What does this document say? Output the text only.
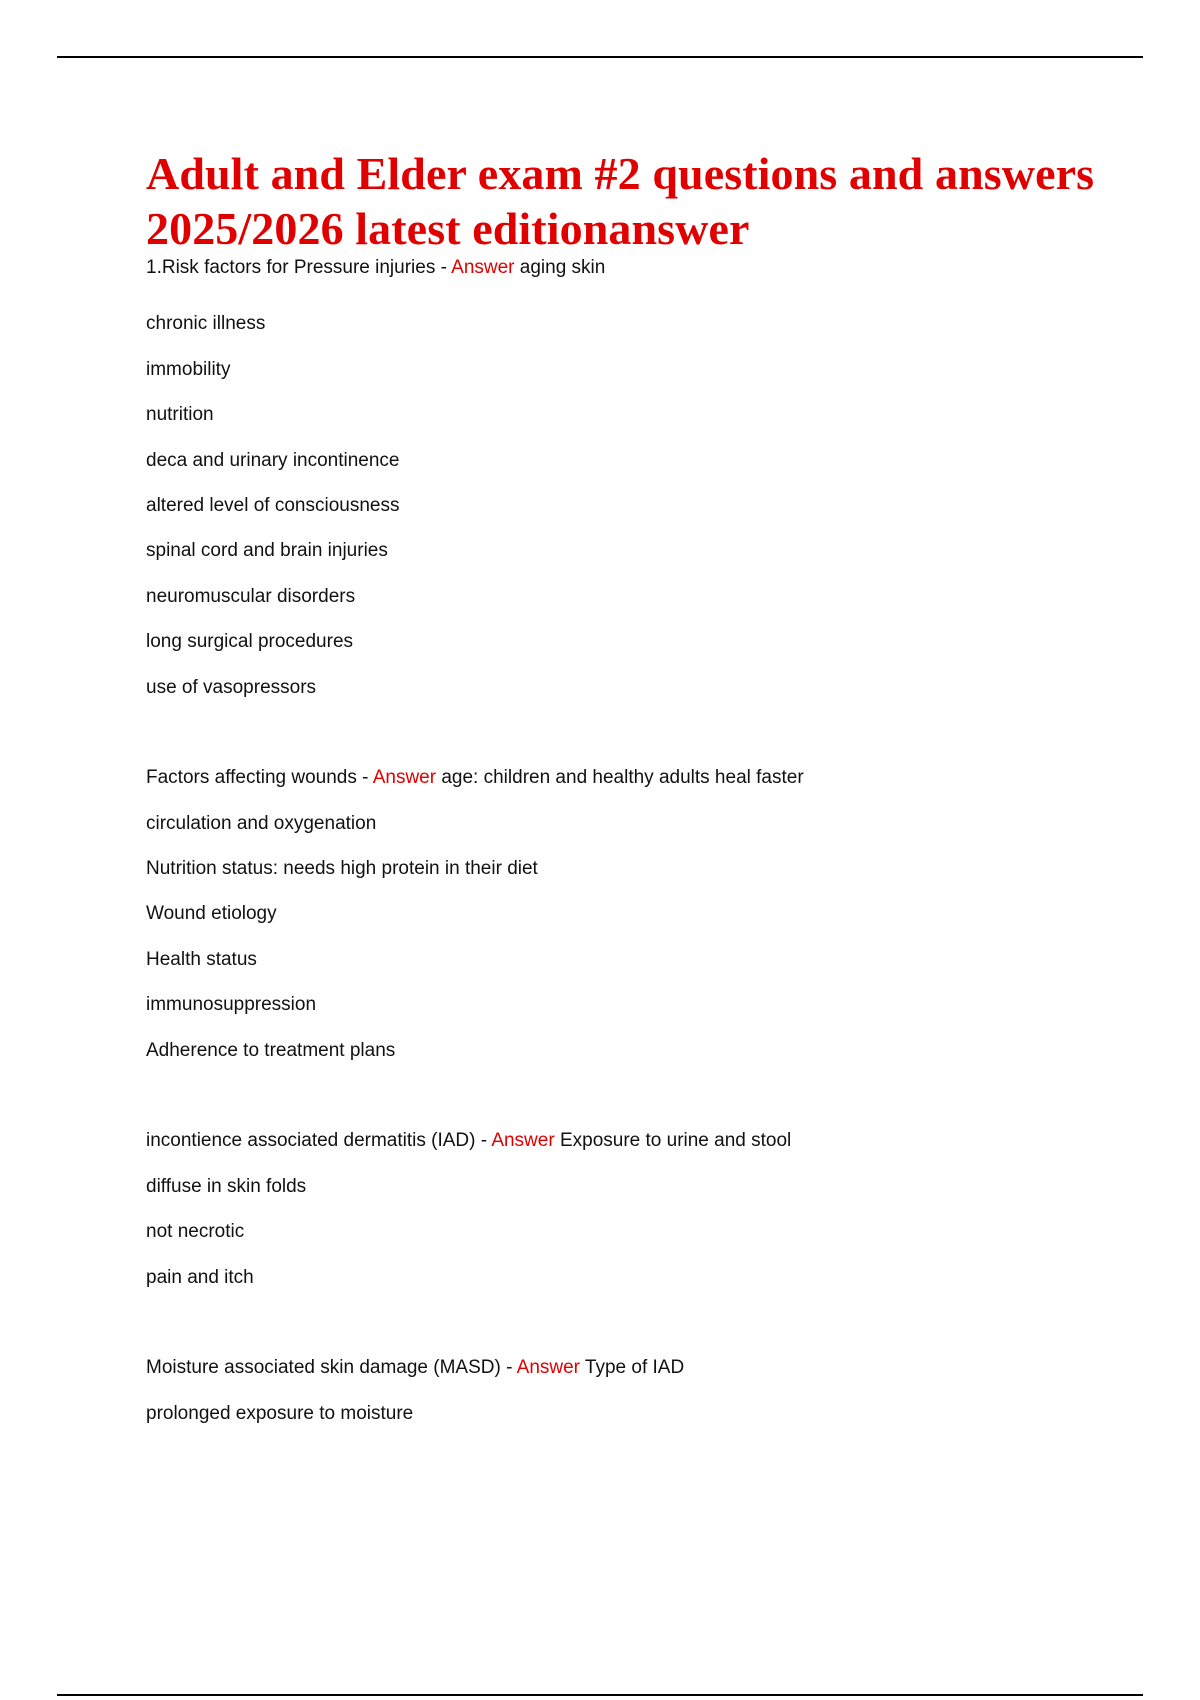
Adult and Elder exam #2 questions and answers 2025/2026 latest editionanswer
1.Risk factors for Pressure injuries - Answer aging skin
chronic illness
immobility
nutrition
deca and urinary incontinence
altered level of consciousness
spinal cord and brain injuries
neuromuscular disorders
long surgical procedures
use of vasopressors
Factors affecting wounds - Answer age: children and healthy adults heal faster
circulation and oxygenation
Nutrition status: needs high protein in their diet
Wound etiology
Health status
immunosuppression
Adherence to treatment plans
incontience associated dermatitis (IAD) - Answer Exposure to urine and stool
diffuse in skin folds
not necrotic
pain and itch
Moisture associated skin damage (MASD) - Answer Type of IAD
prolonged exposure to moisture
